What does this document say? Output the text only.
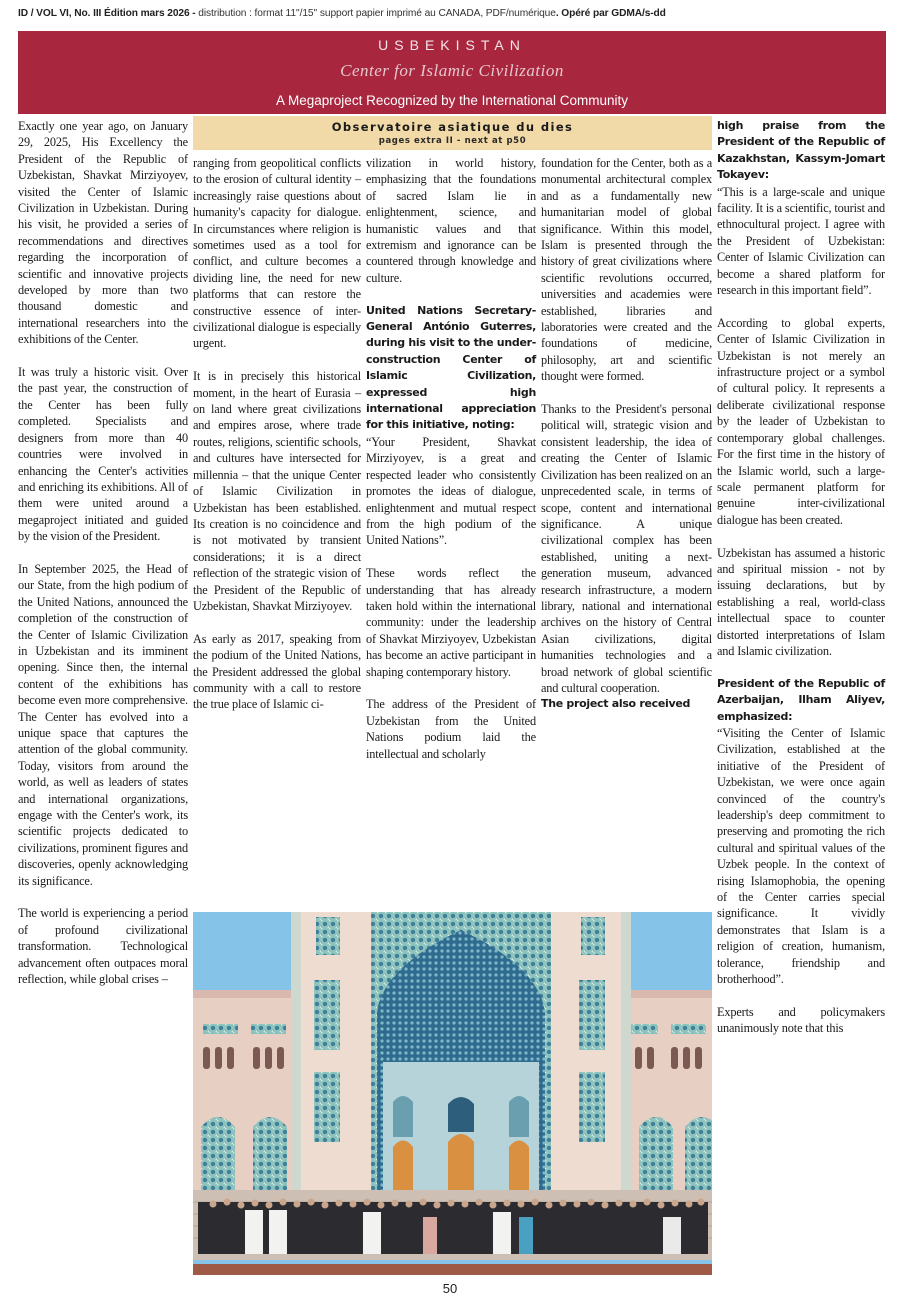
ID / VOL VI, No. III Édition mars 2026 - distribution : format 11''/15'' support papier imprimé au CANADA, PDF/numérique. Opéré par GDMA/s-dd
USBEKISTAN
Center for Islamic Civilization
A Megaproject Recognized by the International Community
Observatoire asiatique du dies
pages extra II - next at p50

Exactly one year ago, on January 29, 2025, His Excellency the President of the Republic of Uzbekistan, Shavkat Mirziyoyev, visited the Center of Islamic Civilization in Uzbekistan. During his visit, he provided a series of recommendations and directives regarding the incorporation of scientific and innovative projects developed by more than two thousand domestic and international researchers into the exhibitions of the Center.

It was truly a historic visit. Over the past year, the construction of the Center has been fully completed. Specialists and designers from more than 40 countries were involved in enhancing the Center's activities and enriching its exhibitions. All of them were united around a megaproject initiated and guided by the vision of the President.

In September 2025, the Head of our State, from the high podium of the United Nations, announced the completion of the construction of the Center of Islamic Civilization in Uzbekistan and its imminent opening. Since then, the internal content of the exhibitions has become even more comprehensive. The Center has evolved into a unique space that captures the attention of the global community. Today, visitors from around the world, as well as leaders of states and international organizations, engage with the Center's work, its scientific projects dedicated to civilizations, prominent figures and discoveries, openly acknowledging its significance.

The world is experiencing a period of profound civilizational transformation. Technological advancement often outpaces moral reflection, while global crises –

ranging from geopolitical conflicts to the erosion of cultural identity – increasingly raise questions about humanity's capacity for dialogue. In circumstances where religion is sometimes used as a tool for conflict, and culture becomes a dividing line, the need for new platforms that can restore the constructive essence of inter-civilizational dialogue is especially urgent.

It is in precisely this historical moment, in the heart of Eurasia – on land where great civilizations and empires arose, where trade routes, religions, scientific schools, and cultures have intersected for millennia – that the unique Center of Islamic Civilization in Uzbekistan has been established. Its creation is no coincidence and is not motivated by transient considerations; it is a direct reflection of the strategic vision of the President of the Republic of Uzbekistan, Shavkat Mirziyoyev.

As early as 2017, speaking from the podium of the United Nations, the President addressed the global community with a call to restore the true place of Islamic ci-

vilization in world history, emphasizing that the foundations of sacred Islam lie in enlightenment, science, and humanistic values and that extremism and ignorance can be countered through knowledge and culture.

United Nations Secretary-General António Guterres, during his visit to the under-construction Center of Islamic Civilization, expressed high international appreciation for this initiative, noting:

“Your President, Shavkat Mirziyoyev, is a great and respected leader who consistently promotes the ideas of dialogue, enlightenment and mutual respect from the high podium of the United Nations”.

These words reflect the understanding that has already taken hold within the international community: under the leadership of Shavkat Mirziyoyev, Uzbekistan has become an active participant in shaping contemporary history.

The address of the President of Uzbekistan from the United Nations podium laid the intellectual and scholarly

foundation for the Center, both as a monumental architectural complex and as a fundamentally new humanitarian model of global significance. Within this model, Islam is presented through the history of great civilizations where scientific revolutions occurred, universities and academies were established, libraries and laboratories were created and the foundations of medicine, philosophy, art and scientific thought were formed.

Thanks to the President's personal political will, strategic vision and consistent leadership, the idea of creating the Center of Islamic Civilization has been realized on an unprecedented scale, in terms of scope, content and international significance. A unique civilizational complex has been established, uniting a next-generation museum, advanced research infrastructure, a modern library, national and international archives on the history of Central Asian civilizations, digital humanities technologies and a broad network of global scientific and cultural cooperation.

The project also received

high praise from the President of the Republic of Kazakhstan, Kassym-Jomart Tokayev:

“This is a large-scale and unique facility. It is a scientific, tourist and ethnocultural project. I agree with the President of Uzbekistan: Center of Islamic Civilization can become a shared platform for research in this important field”.

According to global experts, Center of Islamic Civilization in Uzbekistan is not merely an infrastructure project or a symbol of cultural policy. It represents a deliberate civilizational response by the leader of Uzbekistan to contemporary global challenges. For the first time in the history of the Islamic world, such a large-scale permanent platform for genuine inter-civilizational dialogue has been created.

Uzbekistan has assumed a historic and spiritual mission - not by issuing declarations, but by establishing a real, world-class intellectual space to counter distorted interpretations of Islam and Islamic civilization.

President of the Republic of Azerbaijan, Ilham Aliyev, emphasized:

“Visiting the Center of Islamic Civilization, established at the initiative of the President of Uzbekistan, we were once again convinced of the country's leadership's deep commitment to preserving and promoting the rich cultural and spiritual values of the Uzbek people. In the context of rising Islamophobia, the opening of the Center carries special significance. It vividly demonstrates that Islam is a religion of creation, humanism, tolerance, friendship and brotherhood”.

Experts and policymakers unanimously note that this

50
